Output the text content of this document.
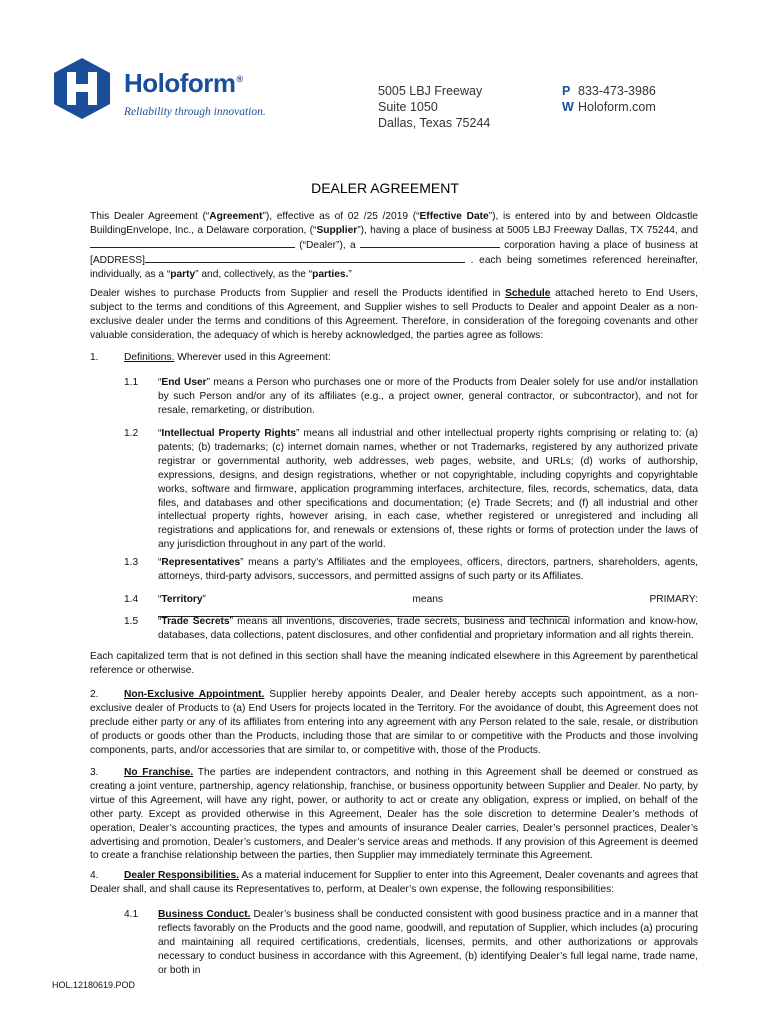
Holoform®
Reliability through innovation.
5005 LBJ Freeway
Suite 1050
Dallas, Texas 75244
P 833-473-3986
W Holoform.com
DEALER AGREEMENT
This Dealer Agreement (“Agreement”), effective as of 02 /25 /2019 (“Effective Date”), is entered into by and between Oldcastle BuildingEnvelope, Inc., a Delaware corporation, (“Supplier”), having a place of business at 5005 LBJ Freeway Dallas, TX 75244, and  (“Dealer”), a	corporation having a place of business at [ADDRESS]	. each being sometimes referenced hereinafter, individually, as a “party” and, collectively, as the “parties.”
Dealer wishes to purchase Products from Supplier and resell the Products identified in Schedule attached hereto to End Users, subject to the terms and conditions of this Agreement, and Supplier wishes to sell Products to Dealer and appoint Dealer as a non-exclusive dealer under the terms and conditions of this Agreement. Therefore, in consideration of the foregoing covenants and other valuable consideration, the adequacy of which is hereby acknowledged, the parties agree as follows:
1.	Definitions. Wherever used in this Agreement:
1.1 “End User” means a Person who purchases one or more of the Products from Dealer solely for use and/or installation by such Person and/or any of its affiliates (e.g., a project owner, general contractor, or subcontractor), and not for resale, remarketing, or distribution.
1.2 “Intellectual Property Rights” means all industrial and other intellectual property rights comprising or relating to: (a) patents; (b) trademarks; (c) internet domain names, whether or not Trademarks, registered by any authorized private registrar or governmental authority, web addresses, web pages, website, and URLs; (d) works of authorship, expressions, designs, and design registrations, whether or not copyrightable, including copyrights and copyrightable works, software and firmware, application programming interfaces, architecture, files, records, schematics, data, data files, and databases and other specifications and documentation; (e) Trade Secrets; and (f) all industrial and other intellectual property rights, however arising, in each case, whether registered or unregistered and including all registrations and applications for, and renewals or extensions of, these rights or forms of protection under the laws of any jurisdiction throughout in any part of the world.
1.3 “Representatives” means a party’s Affiliates and the employees, officers, directors, partners, shareholders, agents, attorneys, third-party advisors, successors, and permitted assigns of such party or its Affiliates.
1.4 “Territory” means PRIMARY:
1.5 “Trade Secrets” means all inventions, discoveries, trade secrets, business and technical information and know-how, databases, data collections, patent disclosures, and other confidential and proprietary information and all rights therein.
Each capitalized term that is not defined in this section shall have the meaning indicated elsewhere in this Agreement by parenthetical reference or otherwise.
2.	Non-Exclusive Appointment. Supplier hereby appoints Dealer, and Dealer hereby accepts such appointment, as a non-exclusive dealer of Products to (a) End Users for projects located in the Territory. For the avoidance of doubt, this Agreement does not preclude either party or any of its affiliates from entering into any agreement with any Person related to the sale, resale, or distribution of products or goods other than the Products, including those that are similar to or competitive with the Products and those involving components, parts, and/or accessories that are similar to, or competitive with, those of the Products.
3.	No Franchise. The parties are independent contractors, and nothing in this Agreement shall be deemed or construed as creating a joint venture, partnership, agency relationship, franchise, or business opportunity between Supplier and Dealer. No party, by virtue of this Agreement, will have any right, power, or authority to act or create any obligation, express or implied, on behalf of the other party. Except as provided otherwise in this Agreement, Dealer has the sole discretion to determine Dealer’s methods of operation, Dealer’s accounting practices, the types and amounts of insurance Dealer carries, Dealer’s personnel practices, Dealer’s advertising and promotion, Dealer’s customers, and Dealer’s service areas and methods. If any provision of this Agreement is deemed to create a franchise relationship between the parties, then Supplier may immediately terminate this Agreement.
4.	Dealer Responsibilities. As a material inducement for Supplier to enter into this Agreement, Dealer covenants and agrees that Dealer shall, and shall cause its Representatives to, perform, at Dealer’s own expense, the following responsibilities:
4.1 Business Conduct. Dealer’s business shall be conducted consistent with good business practice and in a manner that reflects favorably on the Products and the good name, goodwill, and reputation of Supplier, which includes (a) procuring and maintaining all required certifications, credentials, licenses, permits, and other authorizations or approvals necessary to conduct business in accordance with this Agreement, (b) identifying Dealer’s full legal name, trade name, or both in
HOL.12180619.POD
